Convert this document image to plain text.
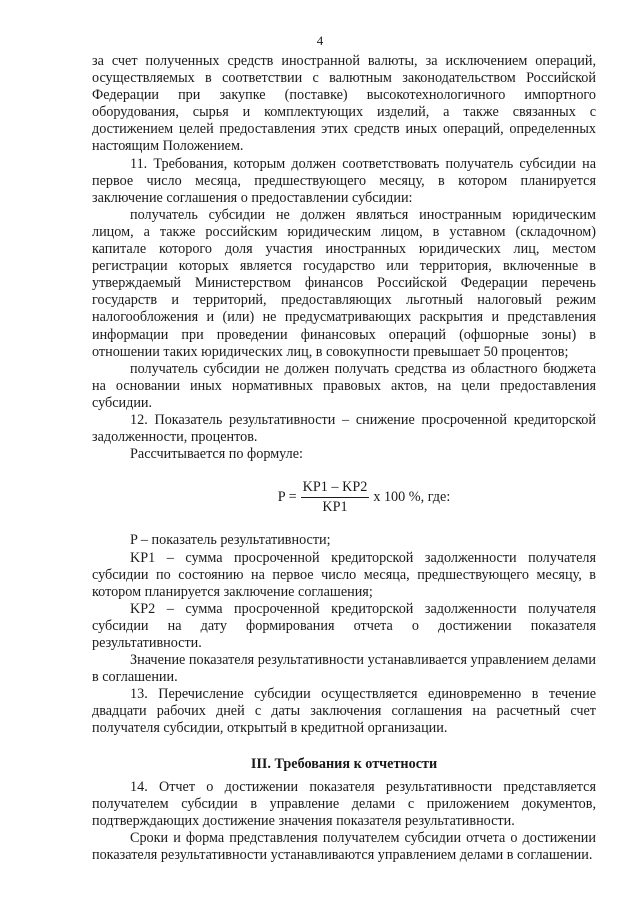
4

за счет полученных средств иностранной валюты, за исключением операций, осуществляемых в соответствии с валютным законодательством Российской Федерации при закупке (поставке) высокотехнологичного импортного оборудования, сырья и комплектующих изделий, а также связанных с достижением целей предоставления этих средств иных операций, определенных настоящим Положением.

11. Требования, которым должен соответствовать получатель субсидии на первое число месяца, предшествующего месяцу, в котором планируется заключение соглашения о предоставлении субсидии:

получатель субсидии не должен являться иностранным юридическим лицом, а также российским юридическим лицом, в уставном (складочном) капитале которого доля участия иностранных юридических лиц, местом регистрации которых является государство или территория, включенные в утверждаемый Министерством финансов Российской Федерации перечень государств и территорий, предоставляющих льготный налоговый режим налогообложения и (или) не предусматривающих раскрытия и представления информации при проведении финансовых операций (офшорные зоны) в отношении таких юридических лиц, в совокупности превышает 50 процентов;

получатель субсидии не должен получать средства из областного бюджета на основании иных нормативных правовых актов, на цели предоставления субсидии.

12. Показатель результативности – снижение просроченной кредиторской задолженности, процентов.

Рассчитывается по формуле:

$P = \frac{KP1 - KP2}{KP1}$ x 100 %, где:

P – показатель результативности;

KP1 – сумма просроченной кредиторской задолженности получателя субсидии по состоянию на первое число месяца, предшествующего месяцу, в котором планируется заключение соглашения;

KP2 – сумма просроченной кредиторской задолженности получателя субсидии на дату формирования отчета о достижении показателя результативности.

Значение показателя результативности устанавливается управлением делами в соглашении.

13. Перечисление субсидии осуществляется единовременно в течение двадцати рабочих дней с даты заключения соглашения на расчетный счет получателя субсидии, открытый в кредитной организации.

III. Требования к отчетности

14. Отчет о достижении показателя результативности представляется получателем субсидии в управление делами с приложением документов, подтверждающих достижение значения показателя результативности.

Сроки и форма представления получателем субсидии отчета о достижении показателя результативности устанавливаются управлением делами в соглашении.
